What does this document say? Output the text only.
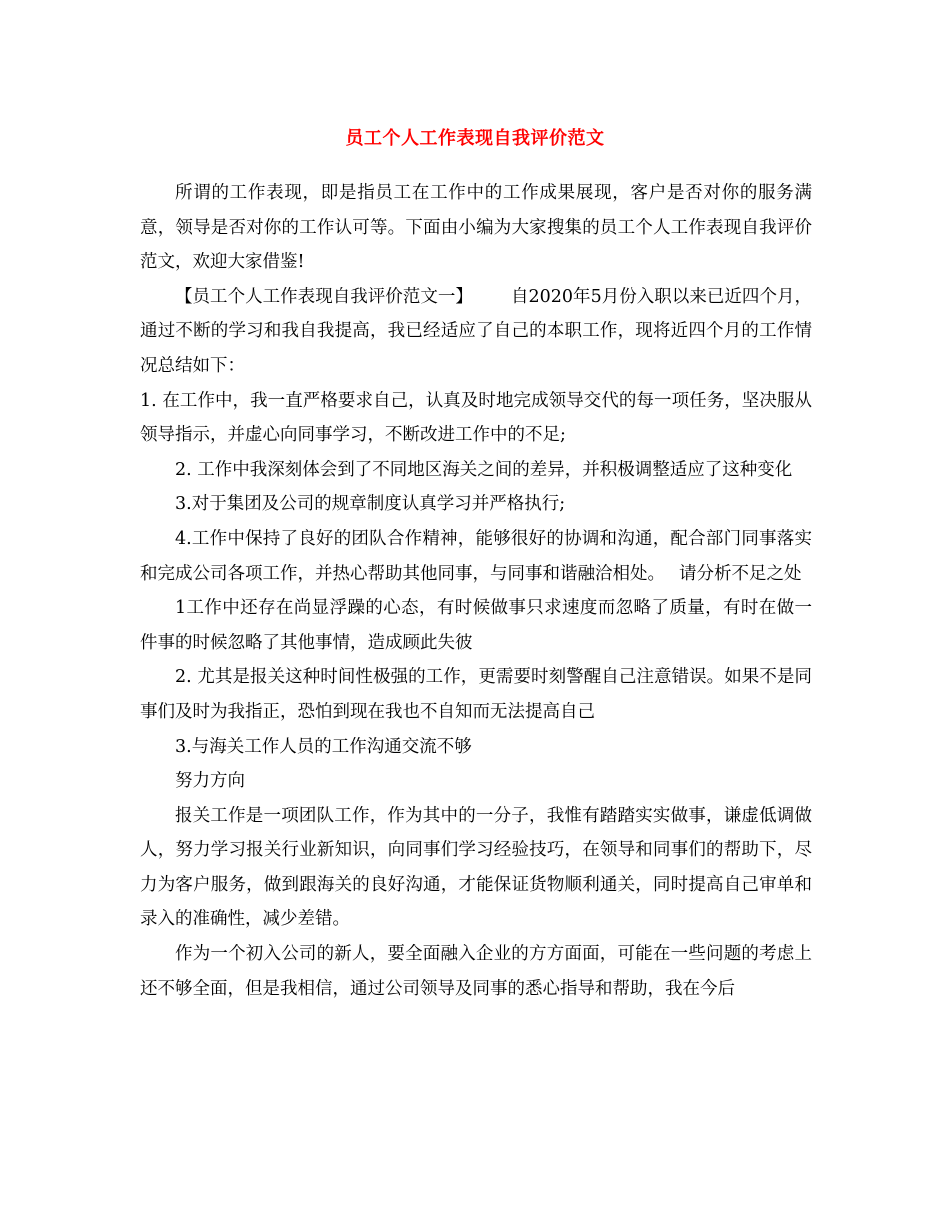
员工个人工作表现自我评价范文

所谓的工作表现，即是指员工在工作中的工作成果展现，客户是否对你的服务满意，领导是否对你的工作认可等。下面由小编为大家搜集的员工个人工作表现自我评价范文，欢迎大家借鉴!

【员工个人工作表现自我评价范文一】 自2020年5月份入职以来已近四个月，通过不断的学习和我自我提高，我已经适应了自己的本职工作，现将近四个月的工作情况总结如下：

1. 在工作中，我一直严格要求自己，认真及时地完成领导交代的每一项任务，坚决服从领导指示，并虚心向同事学习，不断改进工作中的不足;

2. 工作中我深刻体会到了不同地区海关之间的差异，并积极调整适应了这种变化

3.对于集团及公司的规章制度认真学习并严格执行;

4.工作中保持了良好的团队合作精神，能够很好的协调和沟通，配合部门同事落实和完成公司各项工作，并热心帮助其他同事，与同事和谐融洽相处。 请分析不足之处

1工作中还存在尚显浮躁的心态，有时候做事只求速度而忽略了质量，有时在做一件事的时候忽略了其他事情，造成顾此失彼

2. 尤其是报关这种时间性极强的工作，更需要时刻警醒自己注意错误。如果不是同事们及时为我指正，恐怕到现在我也不自知而无法提高自己

3.与海关工作人员的工作沟通交流不够

努力方向

报关工作是一项团队工作，作为其中的一分子，我惟有踏踏实实做事，谦虚低调做人，努力学习报关行业新知识，向同事们学习经验技巧，在领导和同事们的帮助下，尽力为客户服务，做到跟海关的良好沟通，才能保证货物顺利通关，同时提高自己审单和录入的准确性，减少差错。

作为一个初入公司的新人，要全面融入企业的方方面面，可能在一些问题的考虑上还不够全面，但是我相信，通过公司领导及同事的悉心指导和帮助，我在今后
